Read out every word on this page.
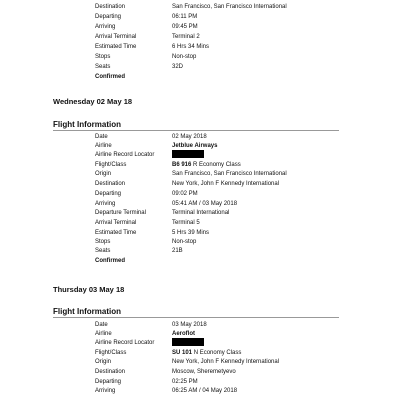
Destination	San Francisco, San Francisco International
Departing	06:11 PM
Arriving	09:45 PM
Arrival Terminal	Terminal 2
Estimated Time	6 Hrs 34 Mins
Stops	Non-stop
Seats	32D
Confirmed
Wednesday 02 May 18
Flight Information
Date	02 May 2018
Airline	Jetblue Airways
Airline Record Locator
Flight/Class	B6 916 R Economy Class
Origin	San Francisco, San Francisco International
Destination	New York, John F Kennedy International
Departing	09:02 PM
Arriving	05:41 AM / 03 May 2018
Departure Terminal	Terminal International
Arrival Terminal	Terminal 5
Estimated Time	5 Hrs 39 Mins
Stops	Non-stop
Seats	21B
Confirmed
Thursday 03 May 18
Flight Information
Date	03 May 2018
Airline	Aeroflot
Airline Record Locator
Flight/Class	SU 101 N Economy Class
Origin	New York, John F Kennedy International
Destination	Moscow, Sheremetyevo
Departing	02:25 PM
Arriving	06:25 AM / 04 May 2018
